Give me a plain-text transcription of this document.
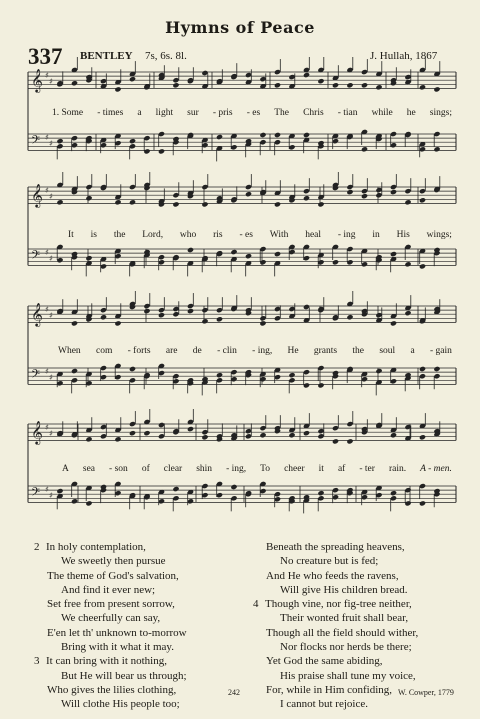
Hymns of Peace
337 BENTLEY 7s, 6s. 8l.	J. Hullah, 1867
𝄞 ♯
♯
𝄢 ♯
♯
𝄞 ♯
♯
𝄢 ♯
♯
𝄞 ♯
♯
𝄢 ♯
♯
𝄞 ♯
♯
𝄢 ♯
♯
1. Some - times a light sur - pris - es The Chris - tian while he sings;
It is the Lord, who ris - es With heal - ing in His wings;
When com - forts are de - clin - ing, He grants the soul a - gain
A sea - son of clear shin - ing, To cheer it af - ter rain. A - men.
2 In holy contemplation,
We sweetly then pursue
The theme of God's salvation,
And find it ever new;
Set free from present sorrow,
We cheerfully can say,
E'en let th' unknown to-morrow
Bring with it what it may.
3 It can bring with it nothing,
But He will bear us through;
Who gives the lilies clothing,
Will clothe His people too;
Beneath the spreading heavens,
No creature but is fed;
And He who feeds the ravens,
Will give His children bread.
4 Though vine, nor fig-tree neither,
Their wonted fruit shall bear,
Though all the field should wither,
Nor flocks nor herds be there;
Yet God the same abiding,
His praise shall tune my voice,
For, while in Him confiding,
I cannot but rejoice.
242	W. Cowper, 1779
